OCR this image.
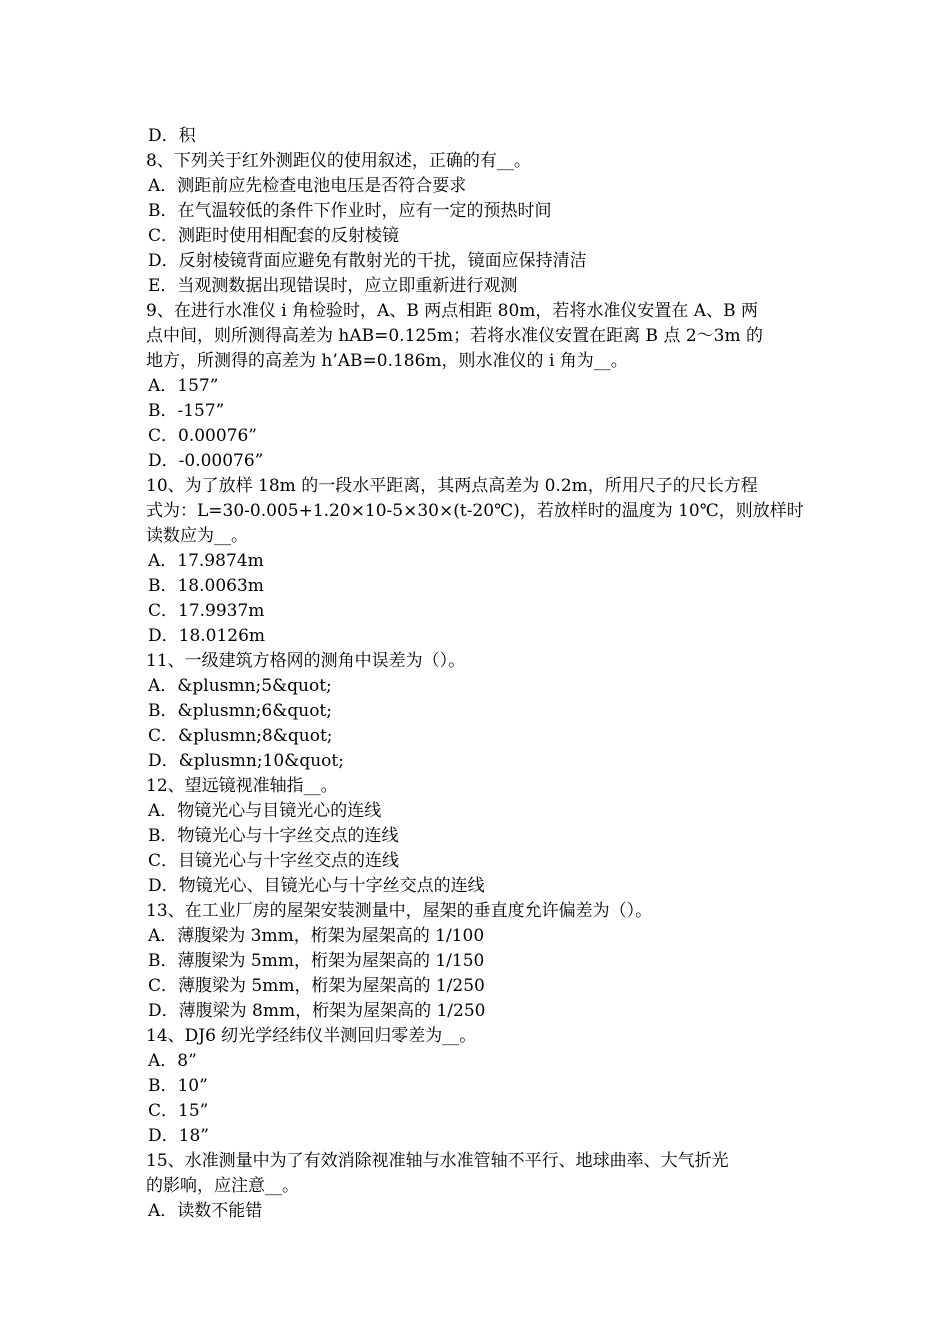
D．积
8、下列关于红外测距仪的使用叙述，正确的有__。
A．测距前应先检查电池电压是否符合要求
B．在气温较低的条件下作业时，应有一定的预热时间
C．测距时使用相配套的反射棱镜
D．反射棱镜背面应避免有散射光的干扰，镜面应保持清洁
E．当观测数据出现错误时，应立即重新进行观测
9、在进行水准仪 i 角检验时，A、B 两点相距 80m，若将水准仪安置在 A、B 两
点中间，则所测得高差为 hAB=0.125m；若将水准仪安置在距离 B 点 2～3m 的
地方，所测得的高差为 h’AB=0.186m，则水准仪的 i 角为__。
A．157”
B．-157”
C．0.00076”
D．-0.00076”
10、为了放样 18m 的一段水平距离，其两点高差为 0.2m，所用尺子的尺长方程
式为：L=30-0.005+1.20×10-5×30×(t-20℃)，若放样时的温度为 10℃，则放样时
读数应为__。
A．17.9874m
B．18.0063m
C．17.9937m
D．18.0126m
11、一级建筑方格网的测角中误差为（）。
A．&plusmn;5&quot;
B．&plusmn;6&quot;
C．&plusmn;8&quot;
D．&plusmn;10&quot;
12、望远镜视准轴指__。
A．物镜光心与目镜光心的连线
B．物镜光心与十字丝交点的连线
C．目镜光心与十字丝交点的连线
D．物镜光心、目镜光心与十字丝交点的连线
13、在工业厂房的屋架安装测量中，屋架的垂直度允许偏差为（）。
A．薄腹梁为 3mm，桁架为屋架高的 1/100
B．薄腹梁为 5mm，桁架为屋架高的 1/150
C．薄腹梁为 5mm，桁架为屋架高的 1/250
D．薄腹梁为 8mm，桁架为屋架高的 1/250
14、DJ6 纫光学经纬仪半测回归零差为__。
A．8”
B．10”
C．15”
D．18”
15、水准测量中为了有效消除视准轴与水准管轴不平行、地球曲率、大气折光
的影响，应注意__。
A．读数不能错
